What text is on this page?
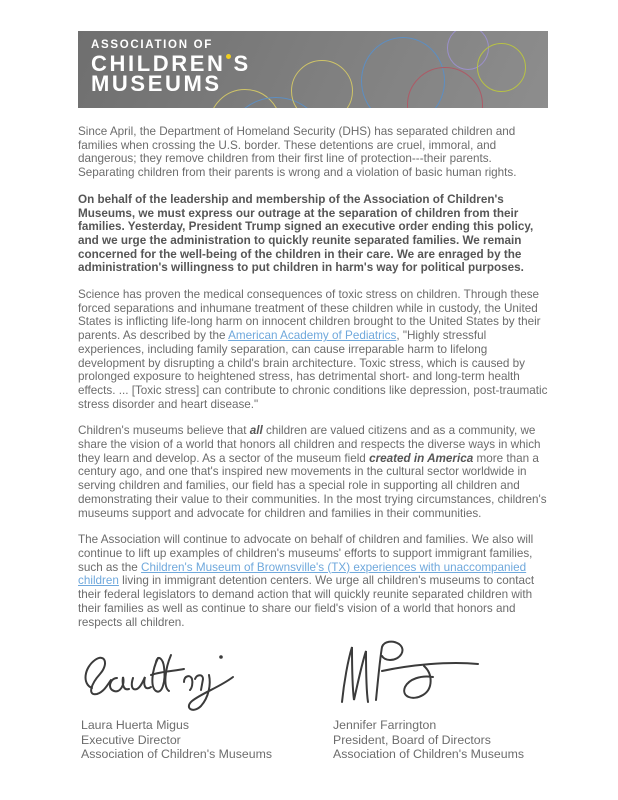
ASSOCIATION OF
CHILDREN S
MUSEUMS

Since April, the Department of Homeland Security (DHS) has separated children and families when crossing the U.S. border. These detentions are cruel, immoral, and dangerous; they remove children from their first line of protection---their parents. Separating children from their parents is wrong and a violation of basic human rights.

On behalf of the leadership and membership of the Association of Children's Museums, we must express our outrage at the separation of children from their families. Yesterday, President Trump signed an executive order ending this policy, and we urge the administration to quickly reunite separated families. We remain concerned for the well-being of the children in their care. We are enraged by the administration's willingness to put children in harm's way for political purposes.

Science has proven the medical consequences of toxic stress on children. Through these forced separations and inhumane treatment of these children while in custody, the United States is inflicting life-long harm on innocent children brought to the United States by their parents. As described by the American Academy of Pediatrics, "Highly stressful experiences, including family separation, can cause irreparable harm to lifelong development by disrupting a child's brain architecture. Toxic stress, which is caused by prolonged exposure to heightened stress, has detrimental short- and long-term health effects. ... [Toxic stress] can contribute to chronic conditions like depression, post-traumatic stress disorder and heart disease."

Children's museums believe that all children are valued citizens and as a community, we share the vision of a world that honors all children and respects the diverse ways in which they learn and develop. As a sector of the museum field created in America more than a century ago, and one that's inspired new movements in the cultural sector worldwide in serving children and families, our field has a special role in supporting all children and demonstrating their value to their communities. In the most trying circumstances, children's museums support and advocate for children and families in their communities.

The Association will continue to advocate on behalf of children and families. We also will continue to lift up examples of children's museums' efforts to support immigrant families, such as the Children's Museum of Brownsville's (TX) experiences with unaccompanied children living in immigrant detention centers. We urge all children's museums to contact their federal legislators to demand action that will quickly reunite separated children with their families as well as continue to share our field's vision of a world that honors and respects all children.

Laura Huerta Migus
Executive Director
Association of Children's Museums
Jennifer Farrington
President, Board of Directors
Association of Children's Museums
